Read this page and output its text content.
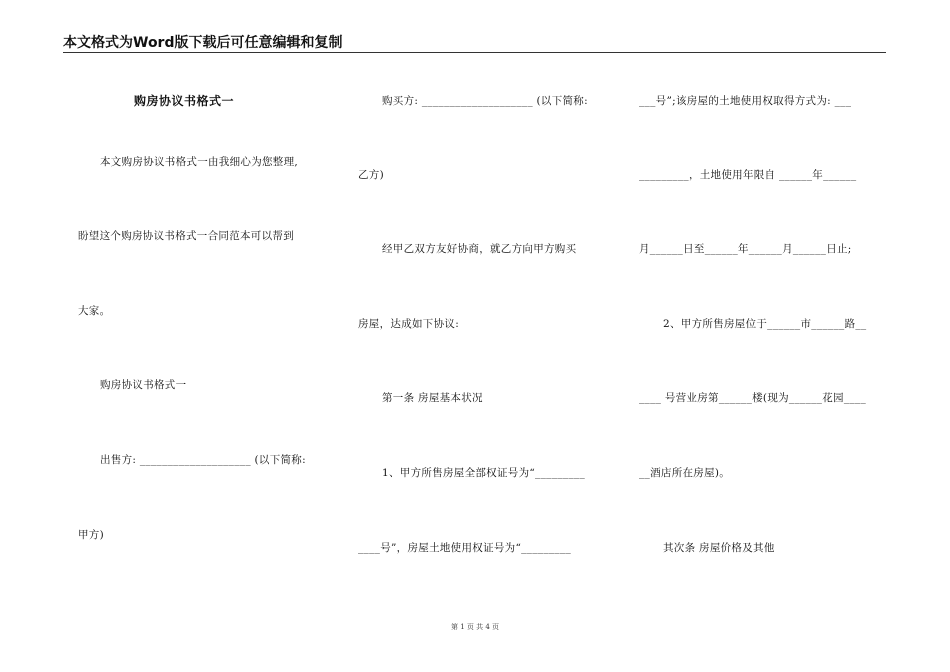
本文格式为Word版下载后可任意编辑和复制
购房协议书格式一
本文购房协议书格式一由我细心为您整理,
盼望这个购房协议书格式一合同范本可以帮到
大家。
购房协议书格式一
出售方: ____________________ (以下简称:
甲方)
购买方: ____________________ (以下简称:
乙方)
经甲乙双方友好协商，就乙方向甲方购买
房屋，达成如下协议:
第一条 房屋基本状况
1、甲方所售房屋全部权证号为“_________
____号”，房屋土地使用权证号为“_________
___号”;该房屋的土地使用权取得方式为: ___
_________，土地使用年限自 ______年______
月______日至______年______月______日止;
2、甲方所售房屋位于______市______路__
____ 号营业房第______楼(现为______花园____
__酒店所在房屋)。
其次条 房屋价格及其他
第 1 页 共 4 页
